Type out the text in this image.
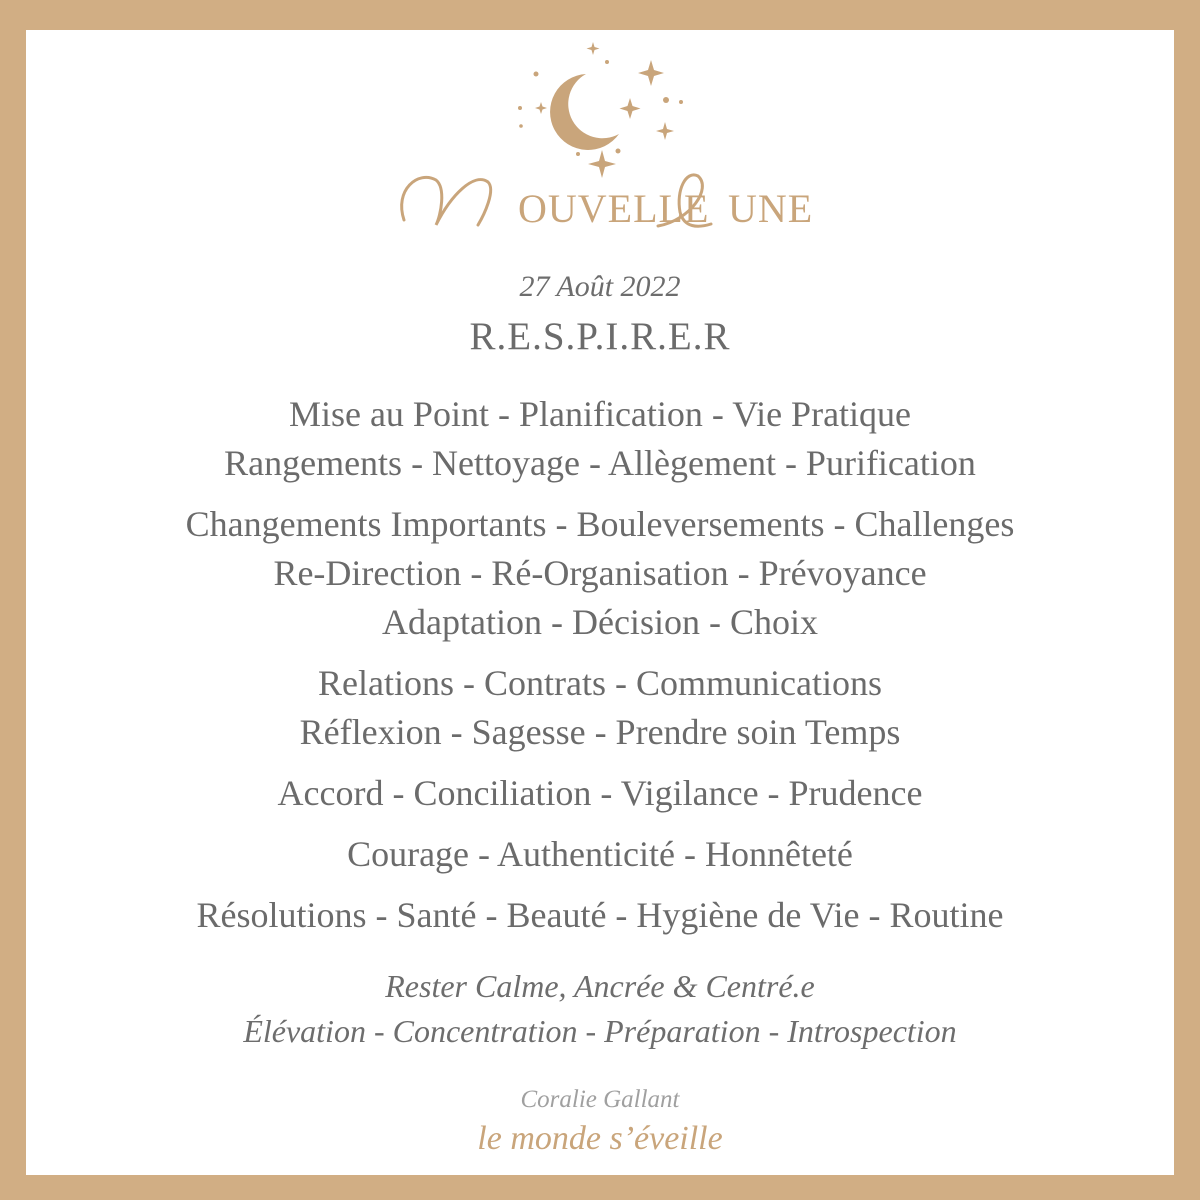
OUVELLE UNE
27 Août 2022
R.E.S.P.I.R.E.R
Mise au Point - Planification - Vie Pratique
Rangements - Nettoyage - Allègement - Purification
Changements Importants - Bouleversements - Challenges
Re-Direction - Ré-Organisation - Prévoyance
Adaptation - Décision - Choix
Relations - Contrats - Communications
Réflexion - Sagesse - Prendre soin Temps
Accord - Conciliation - Vigilance - Prudence
Courage - Authenticité - Honnêteté
Résolutions - Santé - Beauté - Hygiène de Vie - Routine
Rester Calme, Ancrée & Centré.e
Élévation - Concentration - Préparation - Introspection
Coralie Gallant
le monde s’éveille
